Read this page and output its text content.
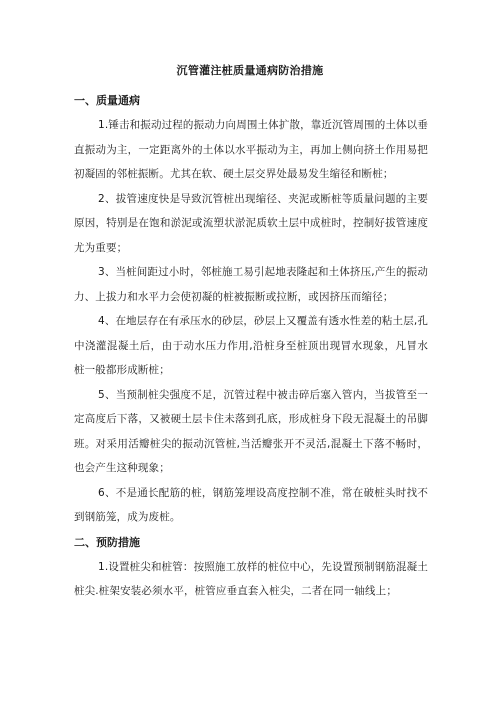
沉管灌注桩质量通病防治措施

一、质量通病

1.锤击和振动过程的振动力向周围土体扩散，靠近沉管周围的土体以垂直振动为主，一定距离外的土体以水平振动为主，再加上侧向挤土作用易把初凝固的邻桩振断。尤其在软、硬土层交界处最易发生缩径和断桩；

2、拔管速度快是导致沉管桩出现缩径、夹泥或断桩等质量问题的主要原因，特别是在饱和淤泥或流塑状淤泥质软土层中成桩时，控制好拔管速度尤为重要；

3、当桩间距过小时，邻桩施工易引起地表隆起和土体挤压,产生的振动力、上拔力和水平力会使初凝的桩被振断或拉断，或因挤压而缩径；

4、在地层存在有承压水的砂层，砂层上又覆盖有透水性差的粘土层,孔中浇灌混凝土后，由于动水压力作用,沿桩身至桩顶出现冒水现象，凡冒水桩一般都形成断桩；

5、当预制桩尖强度不足，沉管过程中被击碎后塞入管内，当拔管至一定高度后下落，又被硬土层卡住未落到孔底，形成桩身下段无混凝土的吊脚班。对采用活瓣桩尖的振动沉管桩,当活瓣张开不灵活,混凝土下落不畅时，也会产生这种现象；

6、不是通长配筋的桩，钢筋笼埋设高度控制不准，常在破桩头时找不到钢筋笼，成为废桩。

二、预防措施

1.设置桩尖和桩管：按照施工放样的桩位中心，先设置预制钢筋混凝土桩尖.桩架安装必须水平，桩管应垂直套入桩尖，二者在同一轴线上；
